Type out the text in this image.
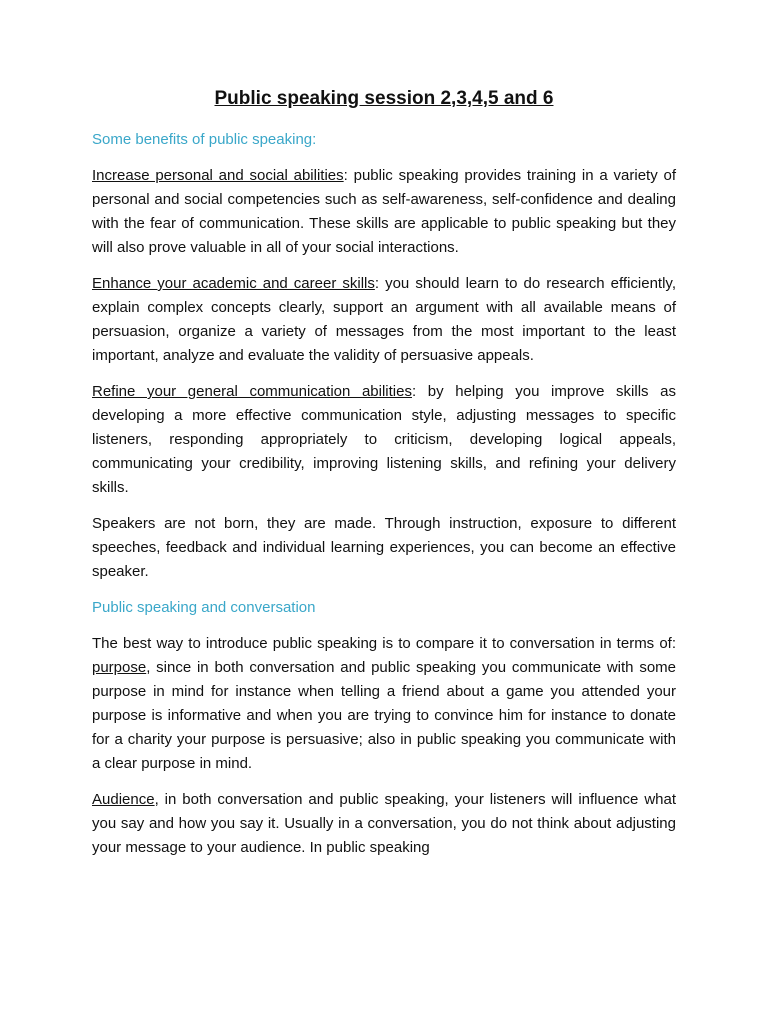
Public speaking session 2,3,4,5 and 6
Some benefits of public speaking:

Increase personal and social abilities: public speaking provides training in a variety of personal and social competencies such as self-awareness, self-confidence and dealing with the fear of communication. These skills are applicable to public speaking but they will also prove valuable in all of your social interactions.

Enhance your academic and career skills: you should learn to do research efficiently, explain complex concepts clearly, support an argument with all available means of persuasion, organize a variety of messages from the most important to the least important, analyze and evaluate the validity of persuasive appeals.

Refine your general communication abilities: by helping you improve skills as developing a more effective communication style, adjusting messages to specific listeners, responding appropriately to criticism, developing logical appeals, communicating your credibility, improving listening skills, and refining your delivery skills.

Speakers are not born, they are made. Through instruction, exposure to different speeches, feedback and individual learning experiences, you can become an effective speaker.

Public speaking and conversation

The best way to introduce public speaking is to compare it to conversation in terms of: purpose, since in both conversation and public speaking you communicate with some purpose in mind for instance when telling a friend about a game you attended your purpose is informative and when you are trying to convince him for instance to donate for a charity your purpose is persuasive; also in public speaking you communicate with a clear purpose in mind.

Audience, in both conversation and public speaking, your listeners will influence what you say and how you say it. Usually in a conversation, you do not think about adjusting your message to your audience. In public speaking
